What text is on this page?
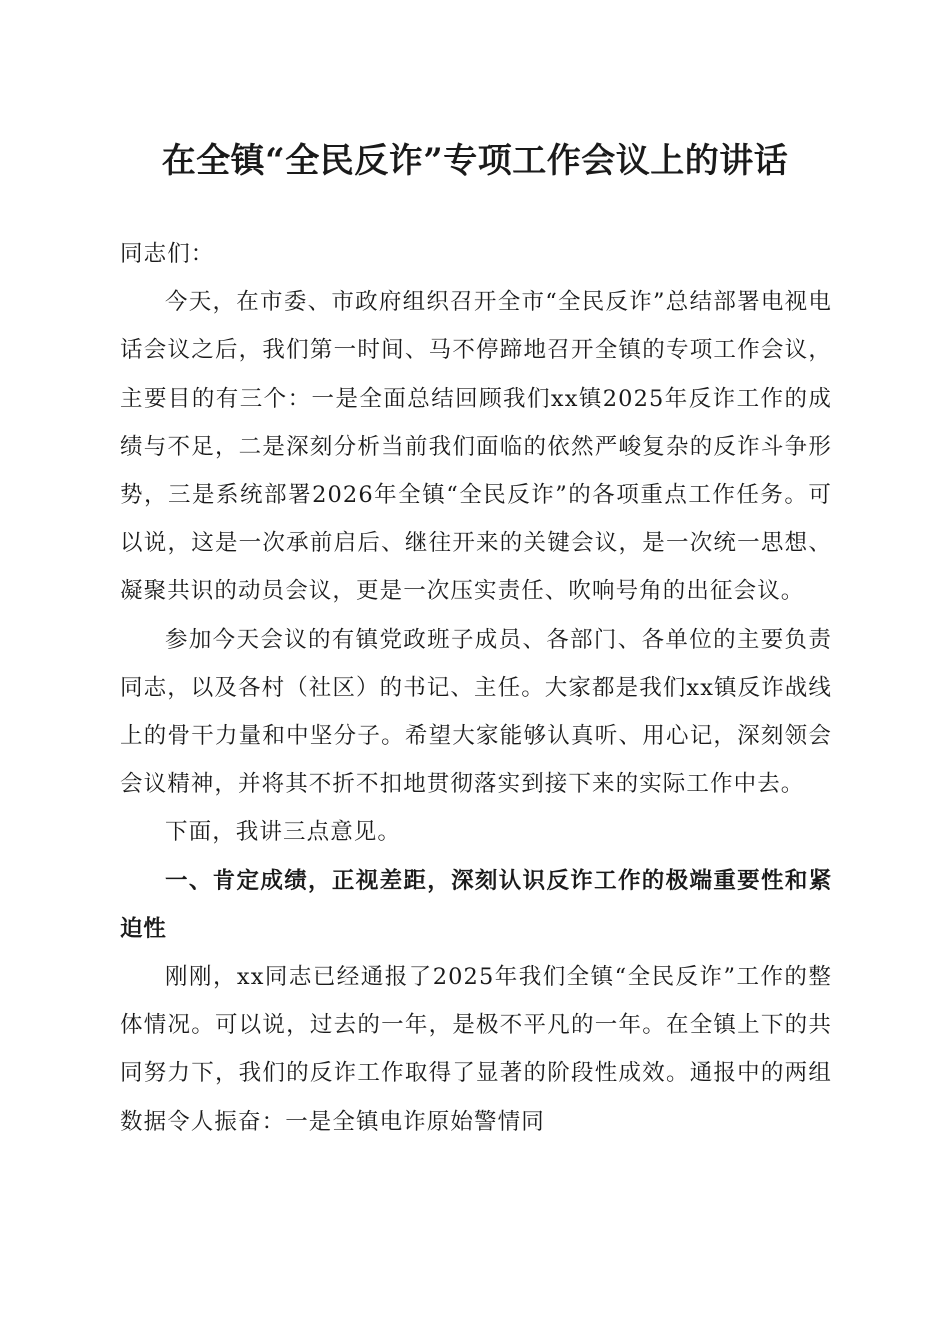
在全镇“全民反诈”专项工作会议上的讲话

同志们：

今天，在市委、市政府组织召开全市“全民反诈”总结部署电视电话会议之后，我们第一时间、马不停蹄地召开全镇的专项工作会议，主要目的有三个：一是全面总结回顾我们xx镇2025年反诈工作的成绩与不足，二是深刻分析当前我们面临的依然严峻复杂的反诈斗争形势，三是系统部署2026年全镇“全民反诈”的各项重点工作任务。可以说，这是一次承前启后、继往开来的关键会议，是一次统一思想、凝聚共识的动员会议，更是一次压实责任、吹响号角的出征会议。

参加今天会议的有镇党政班子成员、各部门、各单位的主要负责同志，以及各村（社区）的书记、主任。大家都是我们xx镇反诈战线上的骨干力量和中坚分子。希望大家能够认真听、用心记，深刻领会会议精神，并将其不折不扣地贯彻落实到接下来的实际工作中去。

下面，我讲三点意见。

一、肯定成绩，正视差距，深刻认识反诈工作的极端重要性和紧迫性

刚刚，xx同志已经通报了2025年我们全镇“全民反诈”工作的整体情况。可以说，过去的一年，是极不平凡的一年。在全镇上下的共同努力下，我们的反诈工作取得了显著的阶段性成效。通报中的两组数据令人振奋：一是全镇电诈原始警情同
